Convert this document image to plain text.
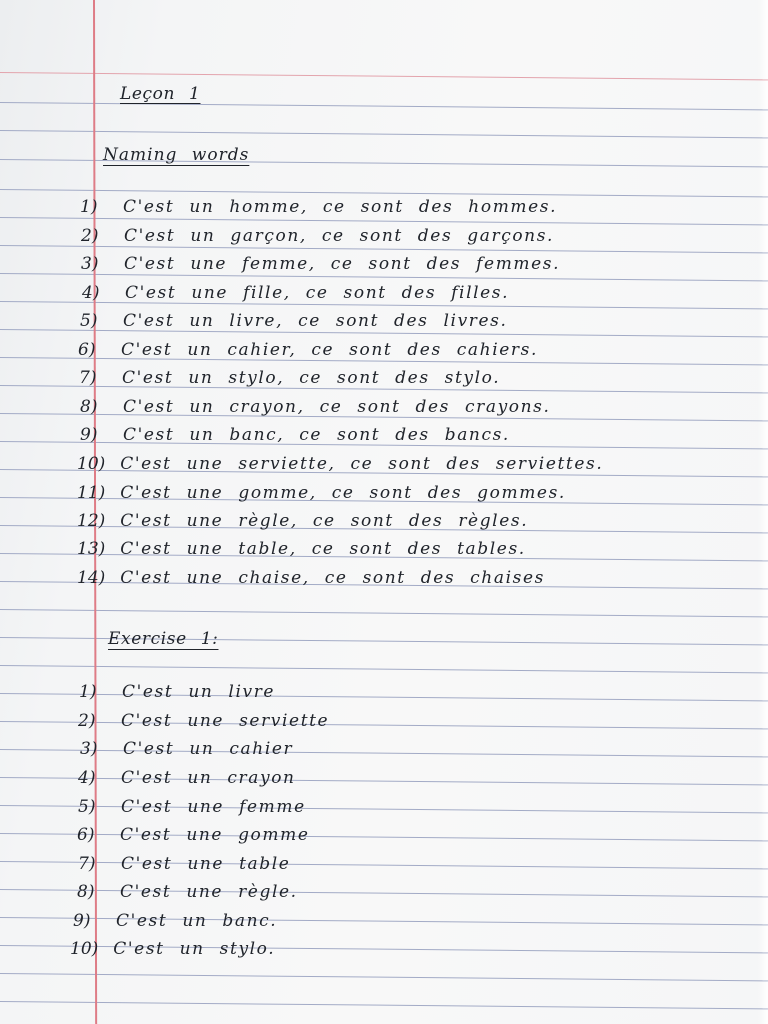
Leçon 1
Naming words
1) C'est un homme, ce sont des hommes.
2) C'est un garçon, ce sont des garçons.
3) C'est une femme, ce sont des femmes.
4) C'est une fille, ce sont des filles.
5) C'est un livre, ce sont des livres.
6) C'est un cahier, ce sont des cahiers.
7) C'est un stylo, ce sont des stylo.
8) C'est un crayon, ce sont des crayons.
9) C'est un banc, ce sont des bancs.
10) C'est une serviette, ce sont des serviettes.
11) C'est une gomme, ce sont des gommes.
12) C'est une règle, ce sont des règles.
13) C'est une table, ce sont des tables.
14) C'est une chaise, ce sont des chaises
Exercise 1:
1) C'est un livre
2) C'est une serviette
3) C'est un cahier
4) C'est un crayon
5) C'est une femme
6) C'est une gomme
7) C'est une table
8) C'est une règle.
9) C'est un banc.
10) C'est un stylo.
